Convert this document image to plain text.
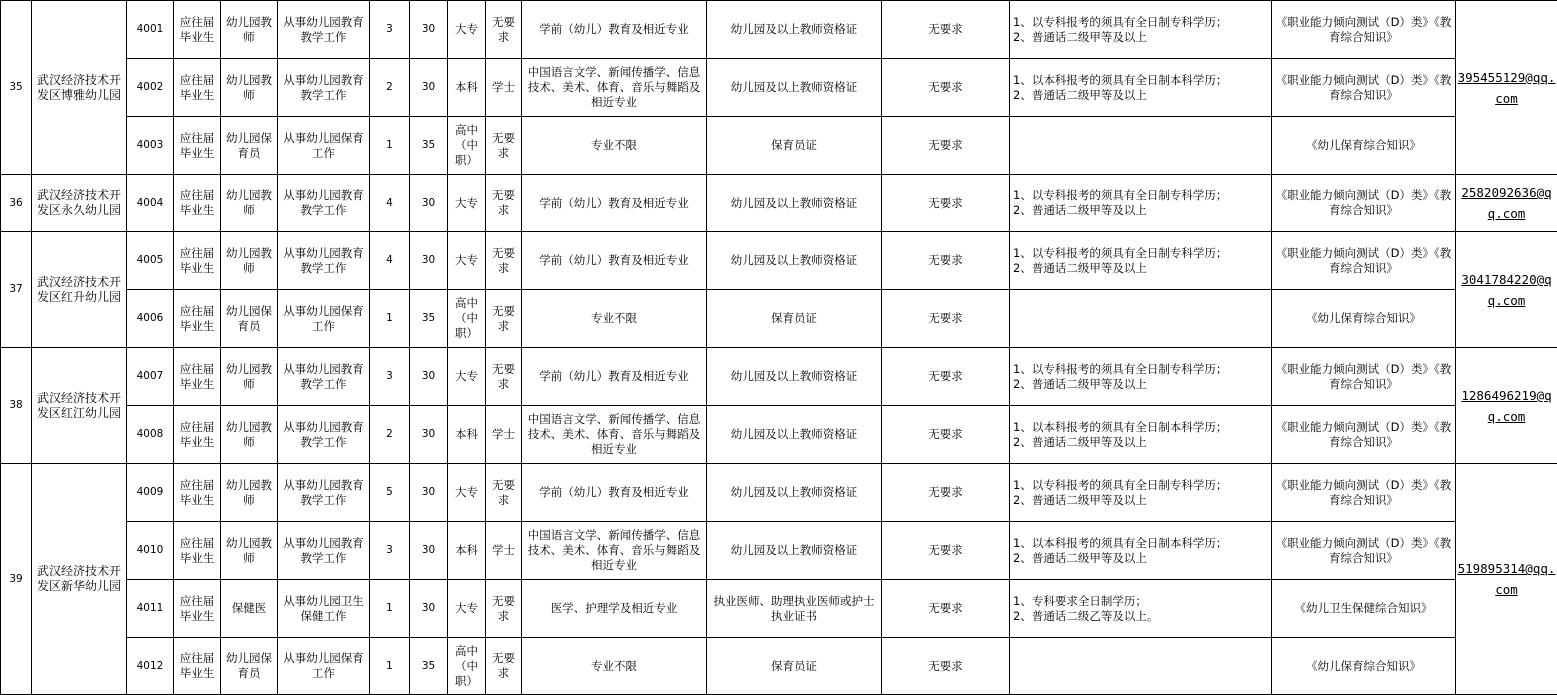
35	武汉经济技术开发区博雅幼儿园	4001	应往届毕业生	幼儿园教师	从事幼儿园教育教学工作	3	30	大专	无要求	学前（幼儿）教育及相近专业	幼儿园及以上教师资格证	无要求	1、以专科报考的须具有全日制专科学历；
2、普通话二级甲等及以上	《职业能力倾向测试（D）类》《教育综合知识》	395455129@qq.com
		4002	应往届毕业生	幼儿园教师	从事幼儿园教育教学工作	2	30	本科	学士	中国语言文学、新闻传播学、信息技术、美术、体育、音乐与舞蹈及相近专业	幼儿园及以上教师资格证	无要求	1、以本科报考的须具有全日制本科学历；
2、普通话二级甲等及以上	《职业能力倾向测试（D）类》《教育综合知识》	
		4003	应往届毕业生	幼儿园保育员	从事幼儿园保育工作	1	35	高中（中职）	无要求	专业不限	保育员证	无要求		《幼儿保育综合知识》	
36	武汉经济技术开发区永久幼儿园	4004	应往届毕业生	幼儿园教师	从事幼儿园教育教学工作	4	30	大专	无要求	学前（幼儿）教育及相近专业	幼儿园及以上教师资格证	无要求	1、以专科报考的须具有全日制专科学历；
2、普通话二级甲等及以上	《职业能力倾向测试（D）类》《教育综合知识》	2582092636@qq.com
37	武汉经济技术开发区红升幼儿园	4005	应往届毕业生	幼儿园教师	从事幼儿园教育教学工作	4	30	大专	无要求	学前（幼儿）教育及相近专业	幼儿园及以上教师资格证	无要求	1、以专科报考的须具有全日制专科学历；
2、普通话二级甲等及以上	《职业能力倾向测试（D）类》《教育综合知识》	3041784220@qq.com
		4006	应往届毕业生	幼儿园保育员	从事幼儿园保育工作	1	35	高中（中职）	无要求	专业不限	保育员证	无要求		《幼儿保育综合知识》	
38	武汉经济技术开发区红江幼儿园	4007	应往届毕业生	幼儿园教师	从事幼儿园教育教学工作	3	30	大专	无要求	学前（幼儿）教育及相近专业	幼儿园及以上教师资格证	无要求	1、以专科报考的须具有全日制专科学历；
2、普通话二级甲等及以上	《职业能力倾向测试（D）类》《教育综合知识》	1286496219@qq.com
		4008	应往届毕业生	幼儿园教师	从事幼儿园教育教学工作	2	30	本科	学士	中国语言文学、新闻传播学、信息技术、美术、体育、音乐与舞蹈及相近专业	幼儿园及以上教师资格证	无要求	1、以本科报考的须具有全日制本科学历；
2、普通话二级甲等及以上	《职业能力倾向测试（D）类》《教育综合知识》	
39	武汉经济技术开发区新华幼儿园	4009	应往届毕业生	幼儿园教师	从事幼儿园教育教学工作	5	30	大专	无要求	学前（幼儿）教育及相近专业	幼儿园及以上教师资格证	无要求	1、以专科报考的须具有全日制专科学历；
2、普通话二级甲等及以上	《职业能力倾向测试（D）类》《教育综合知识》	519895314@qq.com
		4010	应往届毕业生	幼儿园教师	从事幼儿园教育教学工作	3	30	本科	学士	中国语言文学、新闻传播学、信息技术、美术、体育、音乐与舞蹈及相近专业	幼儿园及以上教师资格证	无要求	1、以本科报考的须具有全日制本科学历；
2、普通话二级甲等及以上	《职业能力倾向测试（D）类》《教育综合知识》	
		4011	应往届毕业生	保健医	从事幼儿园卫生保健工作	1	30	大专	无要求	医学、护理学及相近专业	执业医师、助理执业医师或护士执业证书	无要求	1、专科要求全日制学历；
2、普通话二级乙等及以上。	《幼儿卫生保健综合知识》	
		4012	应往届毕业生	幼儿园保育员	从事幼儿园保育工作	1	35	高中（中职）	无要求	专业不限	保育员证	无要求		《幼儿保育综合知识》	
